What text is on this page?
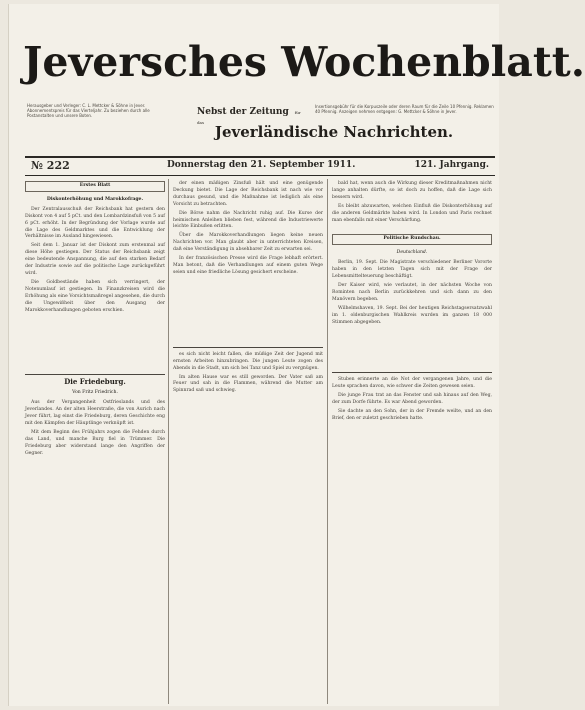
Jeversches Wochenblatt.
Herausgeber und Verleger: C. L. Mettcker & Söhne in Jever. Abonnementspreis für das Vierteljahr. Zu beziehen durch alle Postanstalten und unsere Boten.	Nebst der Zeitung für das
Insertionsgebühr für die Korpuszeile oder deren Raum für die Zeile 10 Pfennig. Reklamen 40 Pfennig. Anzeigen nehmen entgegen: G. Mettcker & Söhne in Jever.
Jeverländische Nachrichten.
№ 222	Donnerstag den 21. September 1911.	121. Jahrgang.
Erstes Blatt
Diskonterhöhung und Marokkofrage.

Der Zentralausschuß der Reichsbank hat gestern den Diskont von 4 auf 5 pCt. und den Lombardzinsfuß von 5 auf 6 pCt. erhöht. In der Begründung der Vorlage wurde auf die Lage des Geldmarktes und die Entwicklung der Verhältnisse im Ausland hingewiesen.

Seit dem 1. Januar ist der Diskont zum erstenmal auf diese Höhe gestiegen. Der Status der Reichsbank zeigt eine bedeutende Anspannung, die auf den starken Bedarf der Industrie sowie auf die politische Lage zurückgeführt wird.

Die Goldbestände haben sich verringert, der Notenumlauf ist gestiegen. In Finanzkreisen wird die Erhöhung als eine Vorsichtsmaßregel angesehen, die durch die Ungewißheit über den Ausgang der Marokkoverhandlungen geboten erschien.

Die Friedeburg.
Von Fritz Friedrich.

Aus der Vergangenheit Ostfrieslands und des Jeverlandes. An der alten Heerstraße, die von Aurich nach Jever führt, lag einst die Friedeburg, deren Geschichte eng mit den Kämpfen der Häuptlinge verknüpft ist.

Mit dem Beginn des Frühjahrs zogen die Fehden durch das Land, und manche Burg fiel in Trümmer. Die Friedeburg aber widerstand lange den Angriffen der Gegner.

der einen mäßigen Zinsfuß hält und eine genügende Deckung bietet. Die Lage der Reichsbank ist nach wie vor durchaus gesund, und die Maßnahme ist lediglich als eine Vorsicht zu betrachten.

Die Börse nahm die Nachricht ruhig auf. Die Kurse der heimischen Anleihen blieben fest, während die Industriewerte leichte Einbußen erlitten.

Über die Marokkoverhandlungen liegen keine neuen Nachrichten vor. Man glaubt aber in unterrichteten Kreisen, daß eine Verständigung in absehbarer Zeit zu erwarten sei.

In der französischen Presse wird die Frage lebhaft erörtert. Man betont, daß die Verhandlungen auf einem guten Wege seien und eine friedliche Lösung gesichert erscheine.

es sich nicht leicht fallen, die müßige Zeit der Jugend mit ernsten Arbeiten hinzubringen. Die jungen Leute zogen des Abends in die Stadt, um sich bei Tanz und Spiel zu vergnügen.

Im alten Hause war es still geworden. Der Vater saß am Feuer und sah in die Flammen, während die Mutter am Spinnrad saß und schwieg.

bald hat, wenn auch die Wirkung dieser Kreditmaßnahmen nicht lange anhalten dürfte, so ist doch zu hoffen, daß die Lage sich bessern wird.

Es bleibt abzuwarten, welchen Einfluß die Diskonterhöhung auf die anderen Geldmärkte haben wird. In London und Paris rechnet man ebenfalls mit einer Verschärfung.

Politische Rundschau.
Deutschland.

Berlin, 19. Sept. Die Magistrate verschiedener Berliner Vororte haben in den letzten Tagen sich mit der Frage der Lebensmittelteuerung beschäftigt.

Der Kaiser wird, wie verlautet, in der nächsten Woche von Rominten nach Berlin zurückkehren und sich dann zu den Manövern begeben.

Wilhelmshaven, 19. Sept. Bei der heutigen Reichstagsersatzwahl im 1. oldenburgischen Wahlkreis wurden im ganzen 18 000 Stimmen abgegeben.

Stuben erinnerte an die Not der vergangenen Jahre, und die Leute sprachen davon, wie schwer die Zeiten gewesen seien.

Die junge Frau trat an das Fenster und sah hinaus auf den Weg, der zum Dorfe führte. Es war Abend geworden.

Sie dachte an den Sohn, der in der Fremde weilte, und an den Brief, den er zuletzt geschrieben hatte.
